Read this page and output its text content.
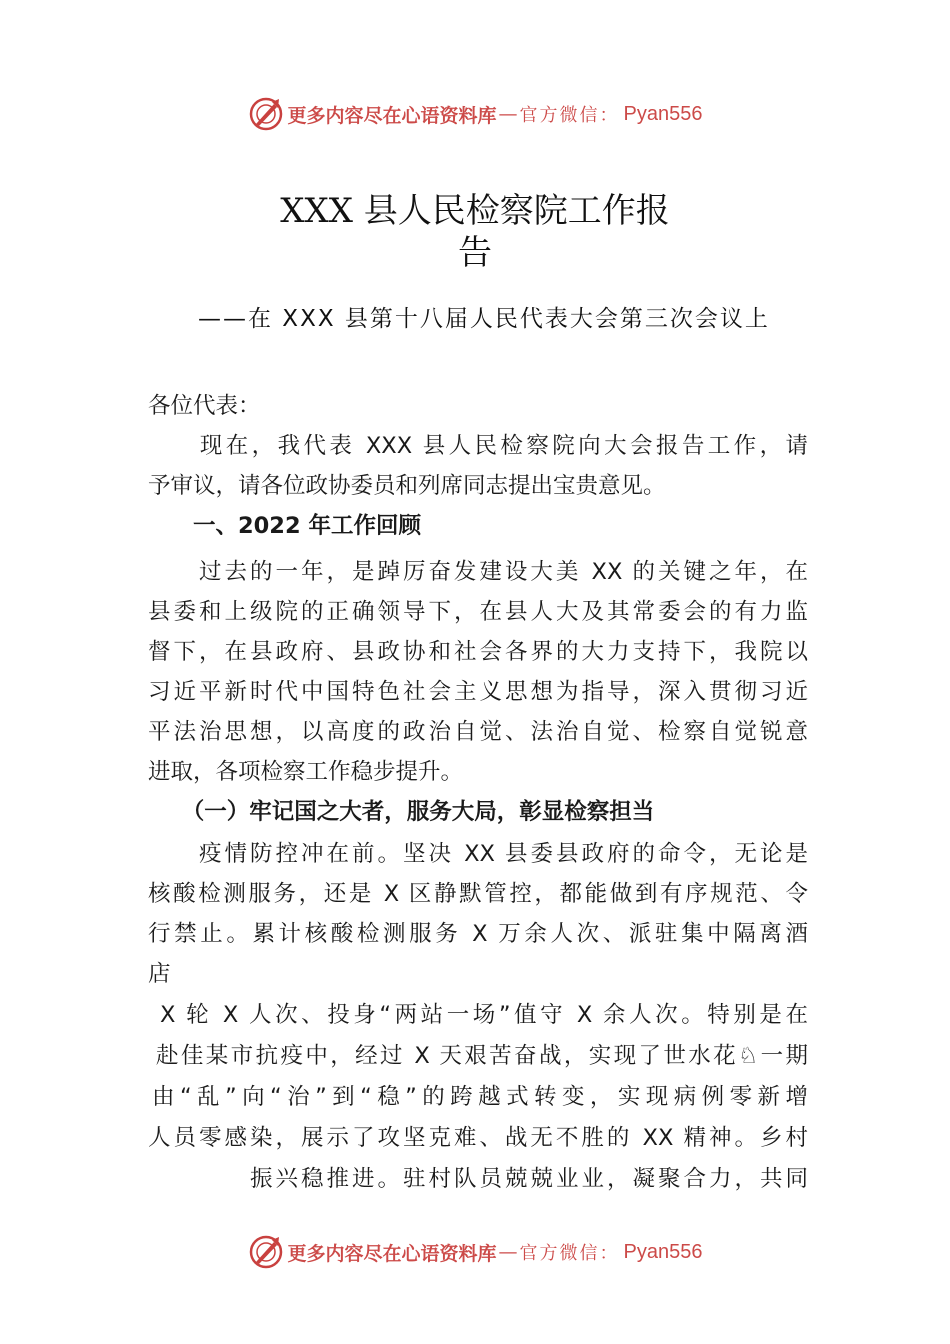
更多内容尽在心语资料库 — 官方微信： Pyan556
XXX 县人民检察院工作报
告
——在 XXX 县第十八届人民代表大会第三次会议上
各位代表：
　　现在，我代表 XXX 县人民检察院向大会报告工作，请
予审议，请各位政协委员和列席同志提出宝贵意见。
　　一、2022 年工作回顾
　　过去的一年，是踔厉奋发建设大美 XX 的关键之年，在
县委和上级院的正确领导下，在县人大及其常委会的有力监
督下，在县政府、县政协和社会各界的大力支持下，我院以
习近平新时代中国特色社会主义思想为指导，深入贯彻习近
平法治思想，以高度的政治自觉、法治自觉、检察自觉锐意
进取，各项检察工作稳步提升。
　　（一）牢记国之大者，服务大局，彰显检察担当
　　疫情防控冲在前。坚决 XX 县委县政府的命令，无论是
核酸检测服务，还是 X 区静默管控，都能做到有序规范、令
行禁止。累计核酸检测服务 X 万余人次、派驻集中隔离酒
店
X 轮 X 人次、投身“两站一场”值守 X 余人次。特别是在
赴佳某市抗疫中，经过 X 天艰苦奋战，实现了世水花♘一期
由“乱”向“治”到“稳”的跨越式转变，实现病例零新增
人员零感染，展示了攻坚克难、战无不胜的 XX 精神。乡村
　　　　振兴稳推进。驻村队员兢兢业业，凝聚合力，共同
更多内容尽在心语资料库 — 官方微信： Pyan556
